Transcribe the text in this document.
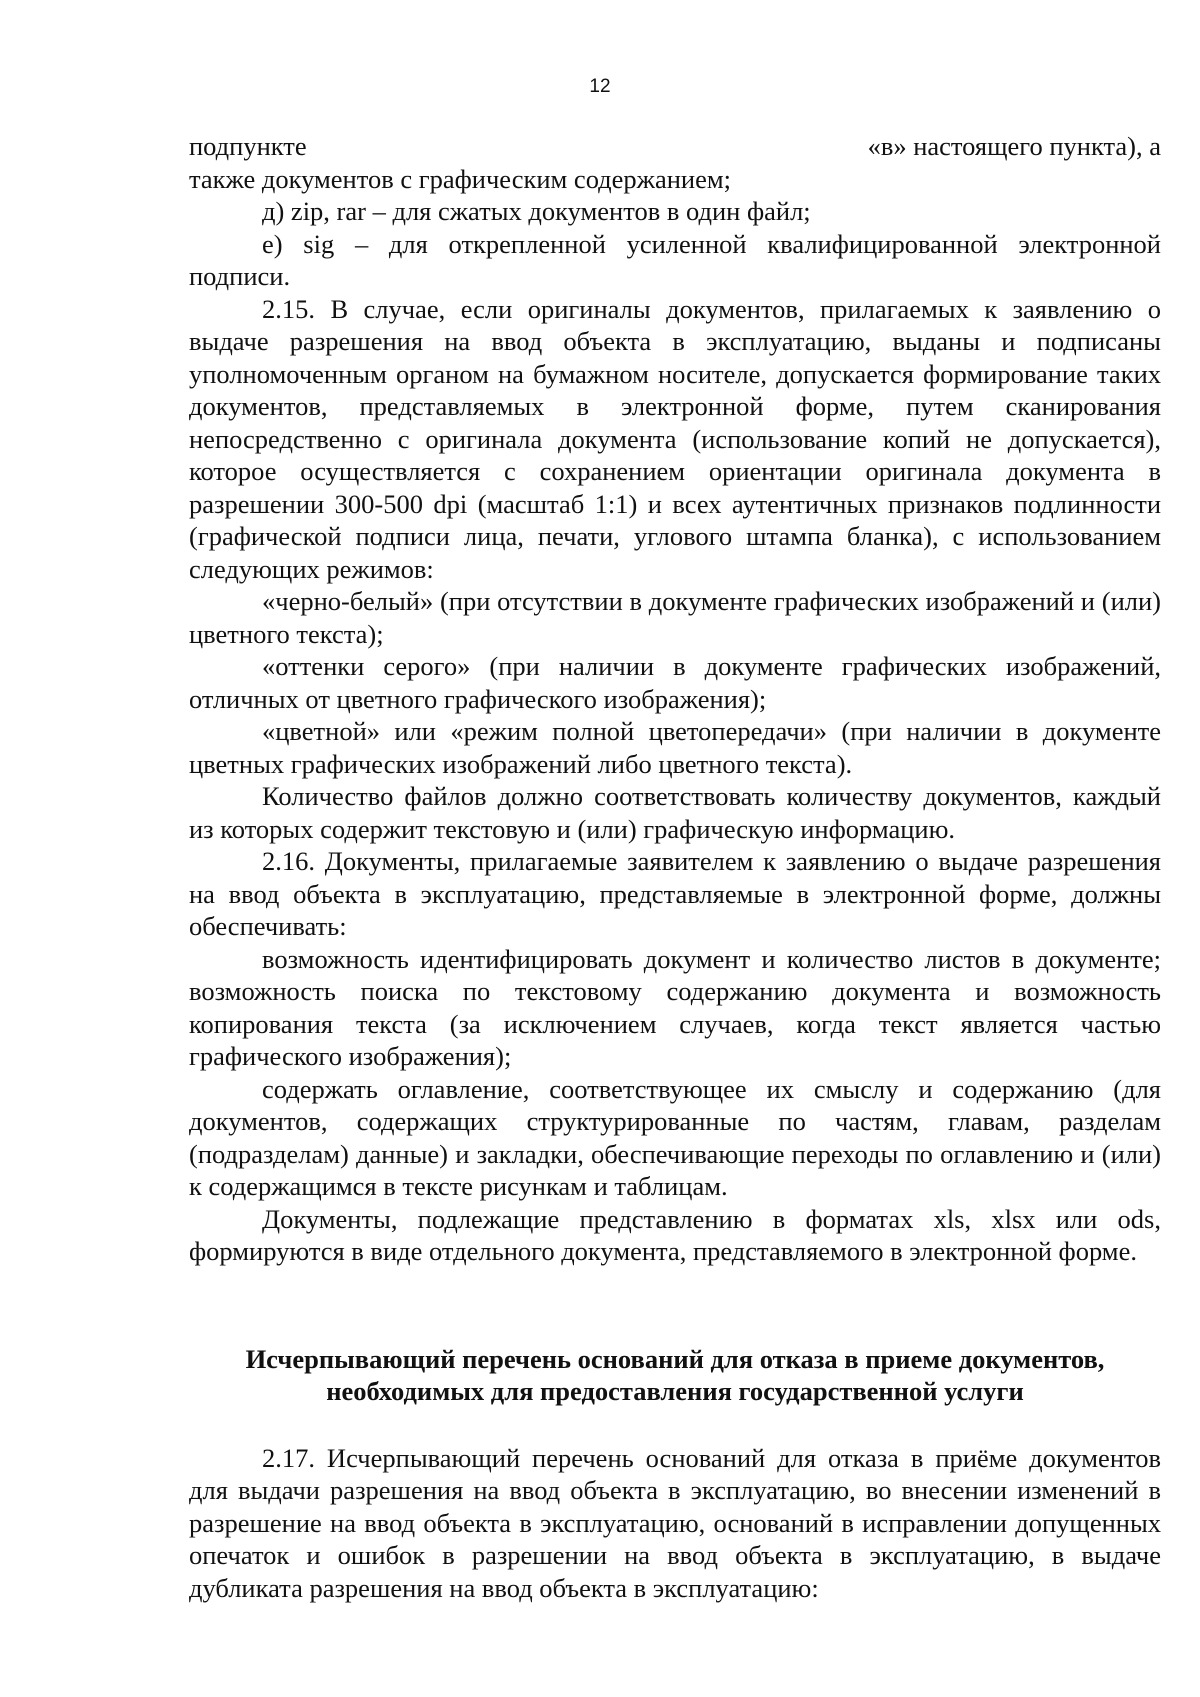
12

подпункте	«в» настоящего пункта), а

также документов с графическим содержанием;

д) zip, rar – для сжатых документов в один файл;

е) sig – для открепленной усиленной квалифицированной электронной подписи.

2.15. В случае, если оригиналы документов, прилагаемых к заявлению о выдаче разрешения на ввод объекта в эксплуатацию, выданы и подписаны уполномоченным органом на бумажном носителе, допускается формирование таких документов, представляемых в электронной форме, путем сканирования непосредственно с оригинала документа (использование копий не допускается), которое осуществляется с сохранением ориентации оригинала документа в разрешении 300-500 dpi (масштаб 1:1) и всех аутентичных признаков подлинности (графической подписи лица, печати, углового штампа бланка), с использованием следующих режимов:

«черно-белый» (при отсутствии в документе графических изображений и (или) цветного текста);

«оттенки серого» (при наличии в документе графических изображений, отличных от цветного графического изображения);

«цветной» или «режим полной цветопередачи» (при наличии в документе цветных графических изображений либо цветного текста).

Количество файлов должно соответствовать количеству документов, каждый из которых содержит текстовую и (или) графическую информацию.

2.16. Документы, прилагаемые заявителем к заявлению о выдаче разрешения на ввод объекта в эксплуатацию, представляемые в электронной форме, должны обеспечивать:

возможность идентифицировать документ и количество листов в документе; возможность поиска по текстовому содержанию документа и возможность копирования текста (за исключением случаев, когда текст является частью графического изображения);

содержать оглавление, соответствующее их смыслу и содержанию (для документов, содержащих структурированные по частям, главам, разделам (подразделам) данные) и закладки, обеспечивающие переходы по оглавлению и (или) к содержащимся в тексте рисункам и таблицам.

Документы, подлежащие представлению в форматах xls, xlsx или ods, формируются в виде отдельного документа, представляемого в электронной форме.

Исчерпывающий перечень оснований для отказа в приеме документов,
необходимых для предоставления государственной услуги

2.17. Исчерпывающий перечень оснований для отказа в приёме документов для выдачи разрешения на ввод объекта в эксплуатацию, во внесении изменений в разрешение на ввод объекта в эксплуатацию, оснований в исправлении допущенных опечаток и ошибок в разрешении на ввод объекта в эксплуатацию, в выдаче дубликата разрешения на ввод объекта в эксплуатацию:
